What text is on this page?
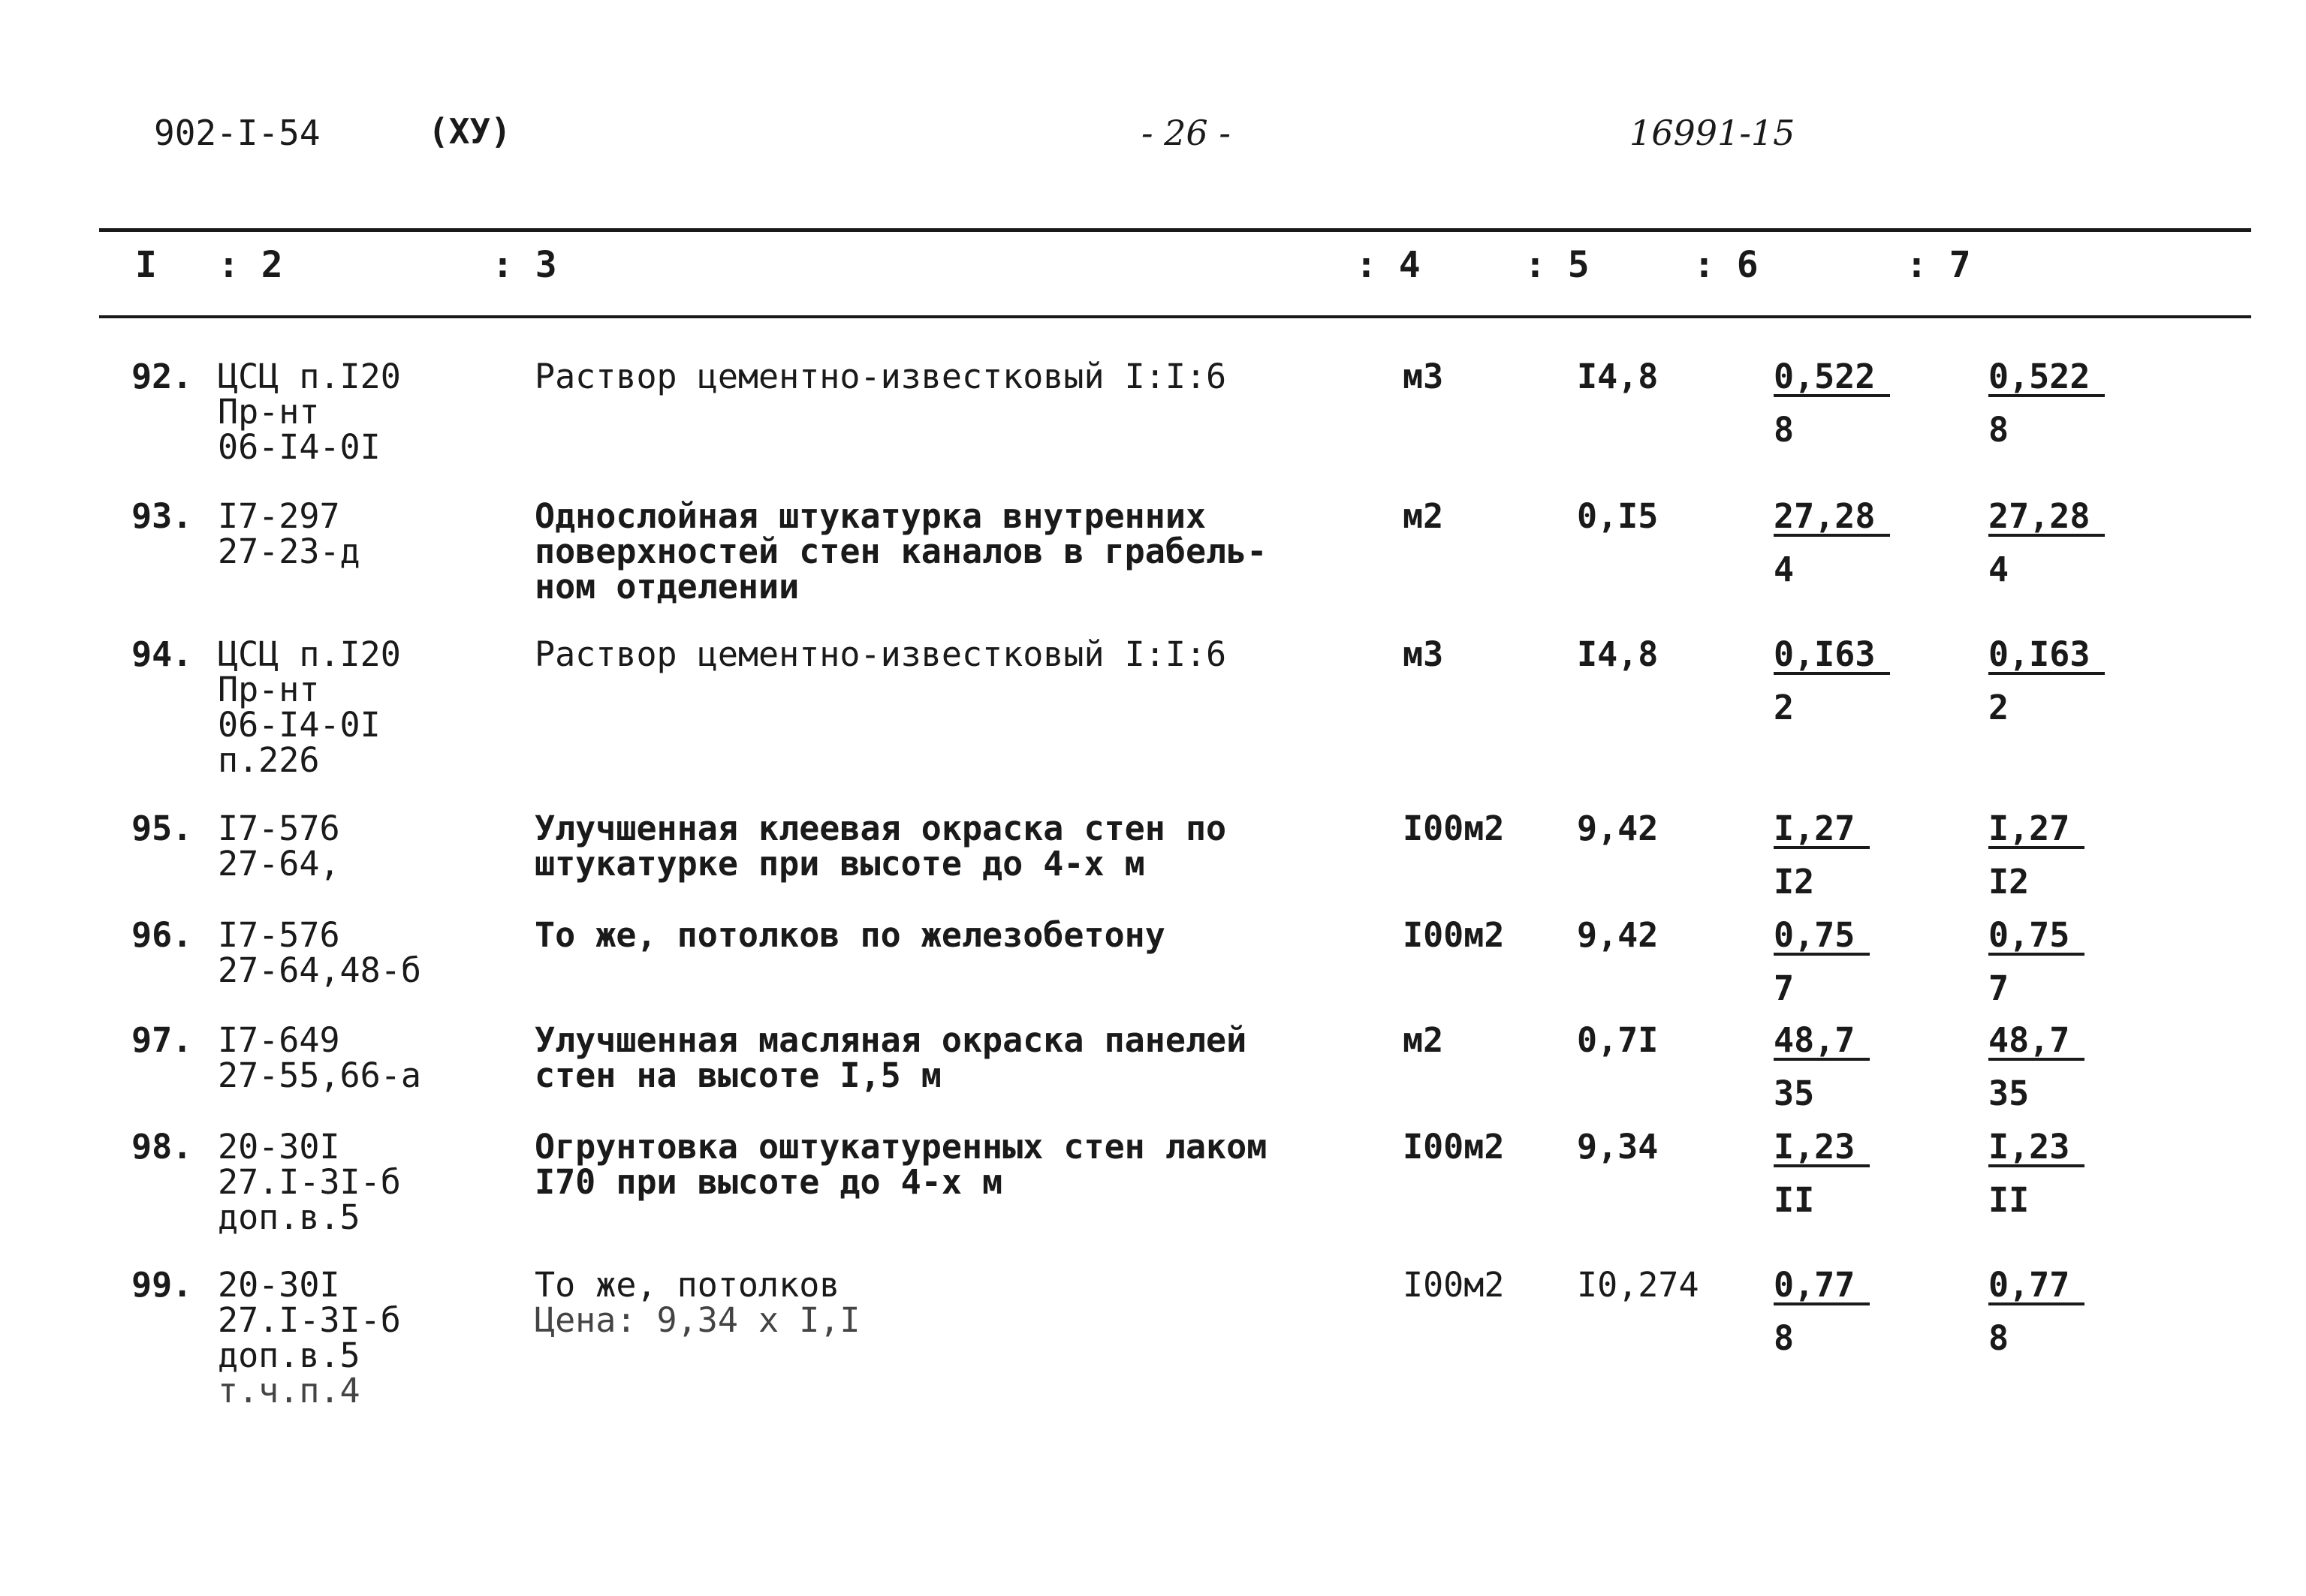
902-I-54	(XУ)	- 26 -	16991-15
I : 2	: 3	: 4	: 5	: 6	: 7
92. ЦСЦ п.I20
Пр-нт
06-I4-0I
Раствор цементно-известковый I:I:6	м3	I4,8	$\frac{0,522}{8}$	$\frac{0,522}{8}$
93. I7-297
27-23-д
Однослойная штукатурка внутренних
поверхностей стен каналов в грабель-
ном отделении
м2	0,I5	$\frac{27,28}{4}$	$\frac{27,28}{4}$
94. ЦСЦ п.I20
Пр-нт
06-I4-0I
п.226
Раствор цементно-известковый I:I:6	м3	I4,8	$\frac{0,I63}{2}$	$\frac{0,I63}{2}$
95. I7-576
27-64,
Улучшенная клеевая окраска стен по
штукатурке при высоте до 4-х м
I00м2 9,42	$\frac{I,27}{I2}$	$\frac{I,27}{I2}$
96. I7-576
27-64,48-б
То же, потолков по железобетону	I00м2 9,42	$\frac{0,75}{7}$	$\frac{0,75}{7}$
97. I7-649
27-55,66-а
Улучшенная масляная окраска панелей
стен на высоте I,5 м
м2	0,7I	$\frac{48,7}{35}$	$\frac{48,7}{35}$
98. 20-30I
27.I-3I-б
доп.в.5
Огрунтовка оштукатуренных стен лаком
I70 при высоте до 4-х м
I00м2 9,34	$\frac{I,23}{II}$	$\frac{I,23}{II}$
99. 20-30I
27.I-3I-б
доп.в.5
т.ч.п.4
То же, потолков
Цена: 9,34 x I,I
I00м2 $I0,274 \frac{0,77}{8}$	$\frac{0,77}{8}$
